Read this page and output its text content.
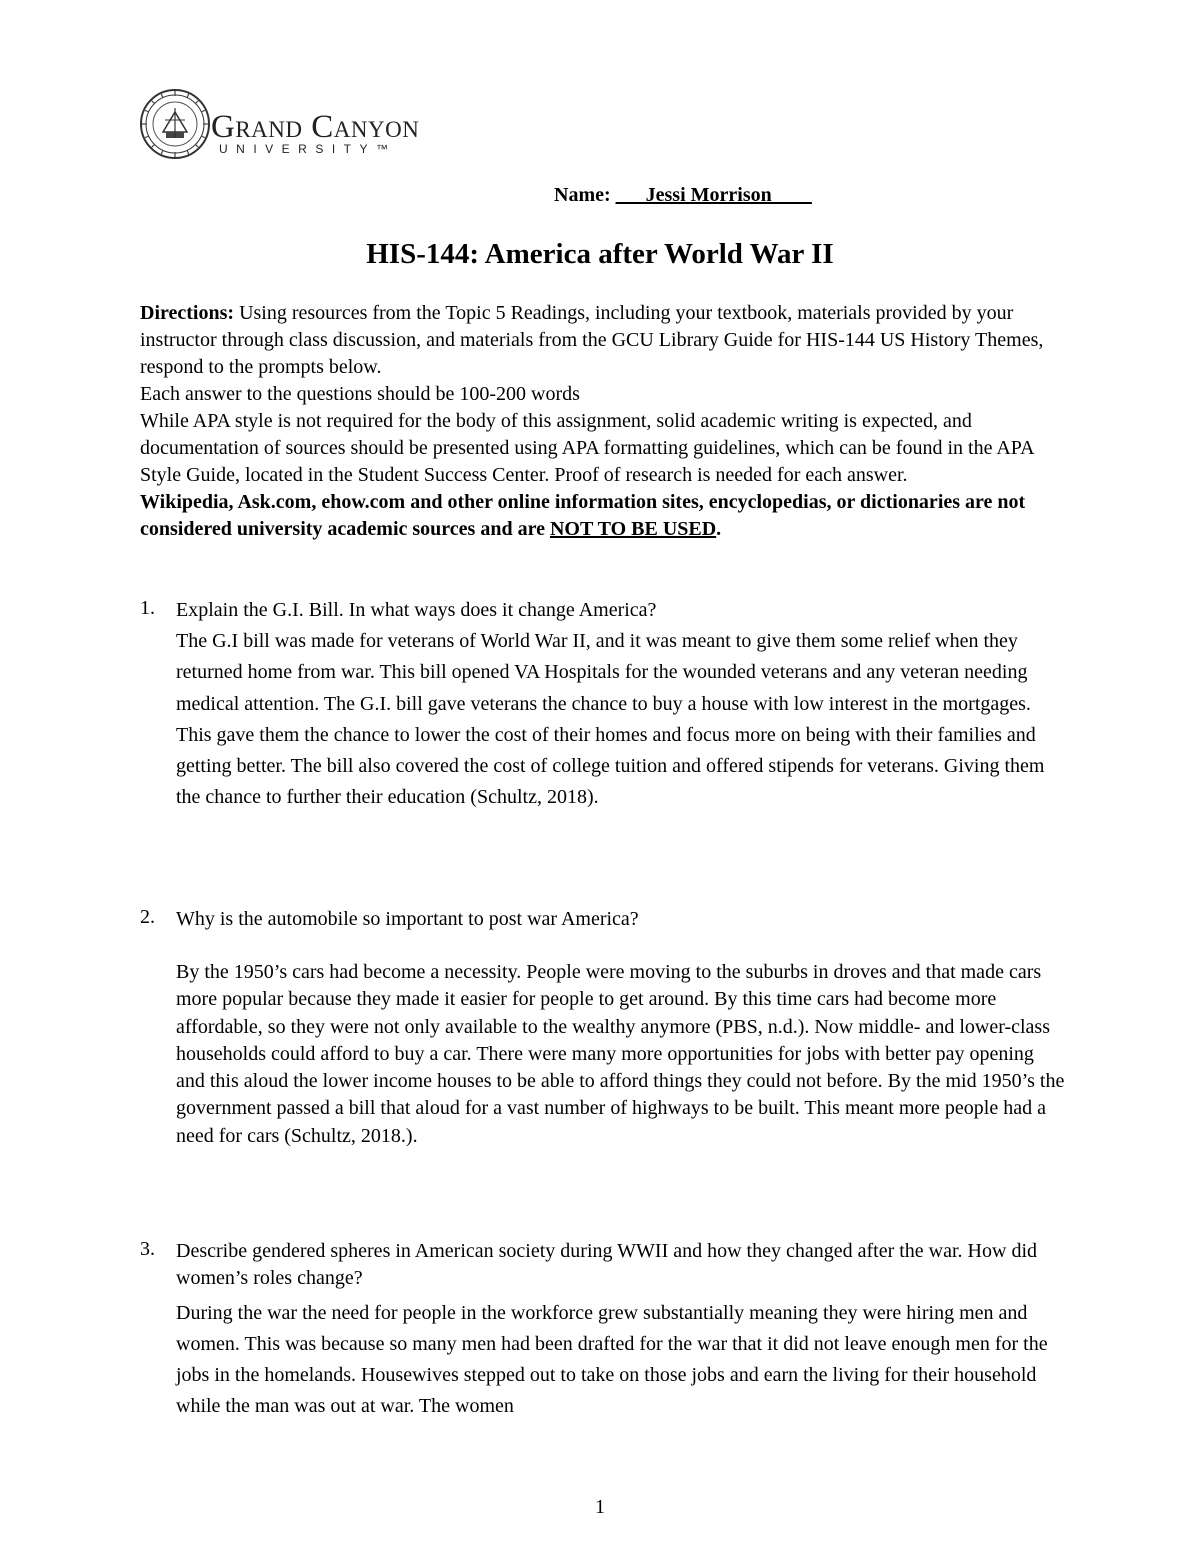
Grand Canyon
UNIVERSITY™
Name: ___Jessi Morrison____
HIS-144: America after World War II

Directions: Using resources from the Topic 5 Readings, including your textbook, materials provided by your instructor through class discussion, and materials from the GCU Library Guide for HIS-144 US History Themes, respond to the prompts below.

Each answer to the questions should be 100-200 words

While APA style is not required for the body of this assignment, solid academic writing is expected, and documentation of sources should be presented using APA formatting guidelines, which can be found in the APA Style Guide, located in the Student Success Center. Proof of research is needed for each answer.

Wikipedia, Ask.com, ehow.com and other online information sites, encyclopedias, or dictionaries are not considered university academic sources and are NOT TO BE USED.

1. Explain the G.I. Bill. In what ways does it change America?
The G.I bill was made for veterans of World War II, and it was meant to give them some relief when they returned home from war. This bill opened VA Hospitals for the wounded veterans and any veteran needing medical attention. The G.I. bill gave veterans the chance to buy a house with low interest in the mortgages. This gave them the chance to lower the cost of their homes and focus more on being with their families and getting better. The bill also covered the cost of college tuition and offered stipends for veterans. Giving them the chance to further their education (Schultz, 2018).
2. Why is the automobile so important to post war America?
By the 1950’s cars had become a necessity. People were moving to the suburbs in droves and that made cars more popular because they made it easier for people to get around. By this time cars had become more affordable, so they were not only available to the wealthy anymore (PBS, n.d.). Now middle- and lower-class households could afford to buy a car. There were many more opportunities for jobs with better pay opening and this aloud the lower income houses to be able to afford things they could not before. By the mid 1950’s the government passed a bill that aloud for a vast number of highways to be built. This meant more people had a need for cars (Schultz, 2018.).
3. Describe gendered spheres in American society during WWII and how they changed after the war. How did women’s roles change?
During the war the need for people in the workforce grew substantially meaning they were hiring men and women. This was because so many men had been drafted for the war that it did not leave enough men for the jobs in the homelands. Housewives stepped out to take on those jobs and earn the living for their household while the man was out at war. The women
1
